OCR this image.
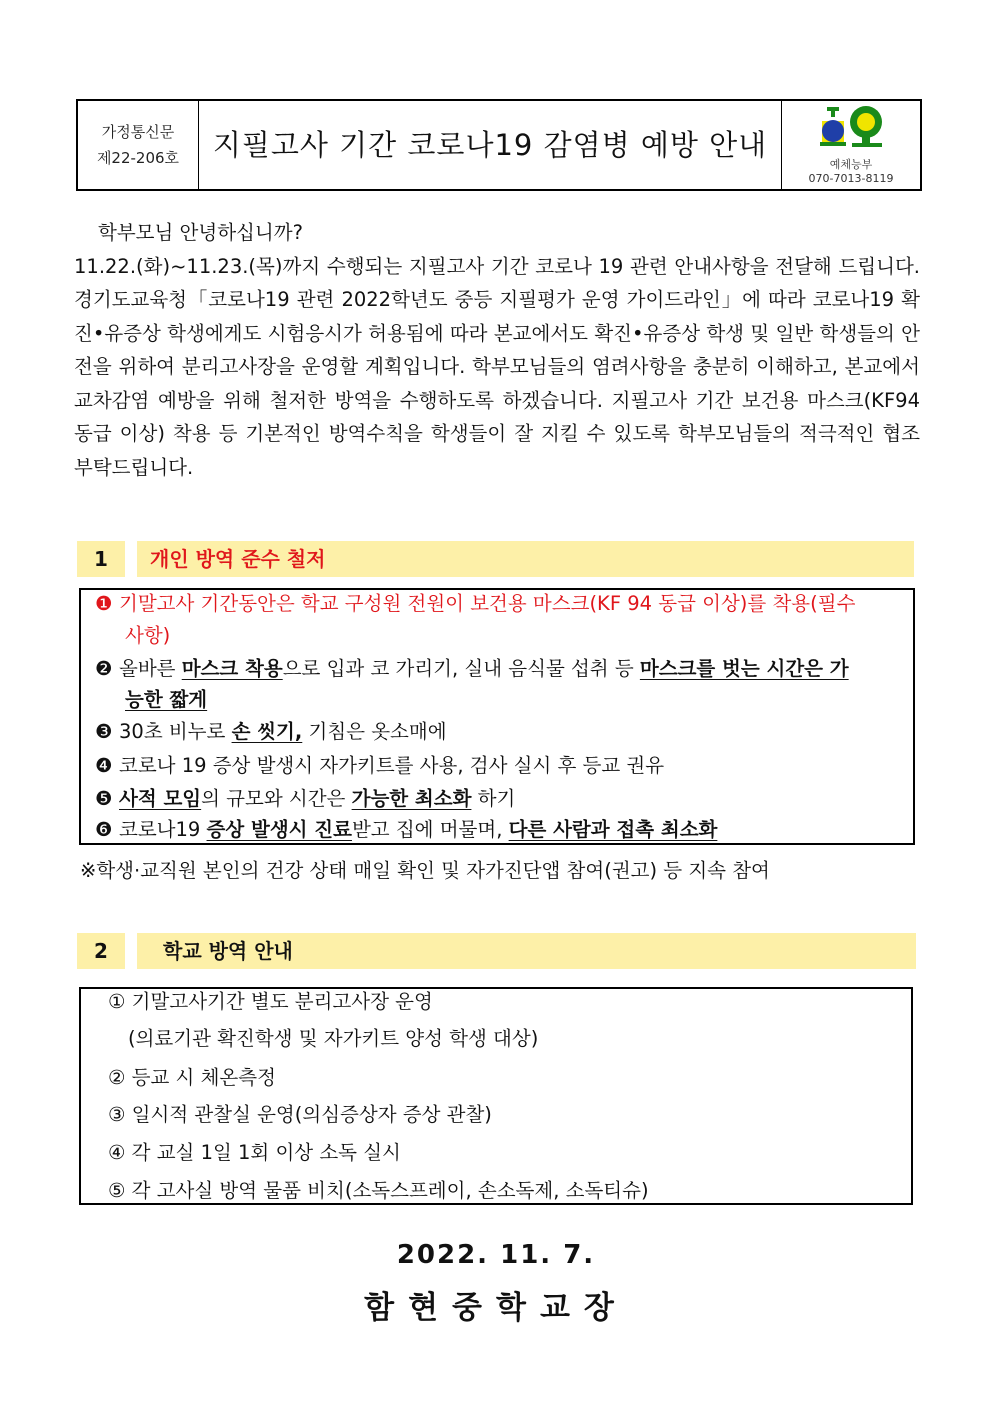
가정통신문
제22-206호	지필고사 기간 코로나19 감염병 예방 안내
예체능부
070-7013-8119
학부모님 안녕하십니까?
11.22.(화)~11.23.(목)까지 수행되는 지필고사 기간 코로나 19 관련 안내사항을 전달해 드립니다. 경기도교육청「코로나19 관련 2022학년도 중등 지필평가 운영 가이드라인」에 따라 코로나19 확진•유증상 학생에게도 시험응시가 허용됨에 따라 본교에서도 확진•유증상 학생 및 일반 학생들의 안전을 위하여 분리고사장을 운영할 계획입니다. 학부모님들의 염려사항을 충분히 이해하고, 본교에서 교차감염 예방을 위해 철저한 방역을 수행하도록 하겠습니다. 지필고사 기간 보건용 마스크(KF94 동급 이상) 착용 등 기본적인 방역수칙을 학생들이 잘 지킬 수 있도록 학부모님들의 적극적인 협조 부탁드립니다.
1	개인 방역 준수 철저
❶ 기말고사 기간동안은 학교 구성원 전원이 보건용 마스크(KF 94 동급 이상)를 착용(필수
사항)
❷ 올바른 마스크 착용으로 입과 코 가리기, 실내 음식물 섭취 등 마스크를 벗는 시간은 가
능한 짧게
❸ 30초 비누로 손 씻기, 기침은 옷소매에
❹ 코로나 19 증상 발생시 자가키트를 사용, 검사 실시 후 등교 권유
❺ 사적 모임의 규모와 시간은 가능한 최소화 하기
❻ 코로나19 증상 발생시 진료받고 집에 머물며, 다른 사람과 접촉 최소화
※학생·교직원 본인의 건강 상태 매일 확인 및 자가진단앱 참여(권고) 등 지속 참여
2	학교 방역 안내
① 기말고사기간 별도 분리고사장 운영
(의료기관 확진학생 및 자가키트 양성 학생 대상)
② 등교 시 체온측정
③ 일시적 관찰실 운영(의심증상자 증상 관찰)
④ 각 교실 1일 1회 이상 소독 실시
⑤ 각 고사실 방역 물품 비치(소독스프레이, 손소독제, 소독티슈)
2022. 11. 7.
함현중학교장
